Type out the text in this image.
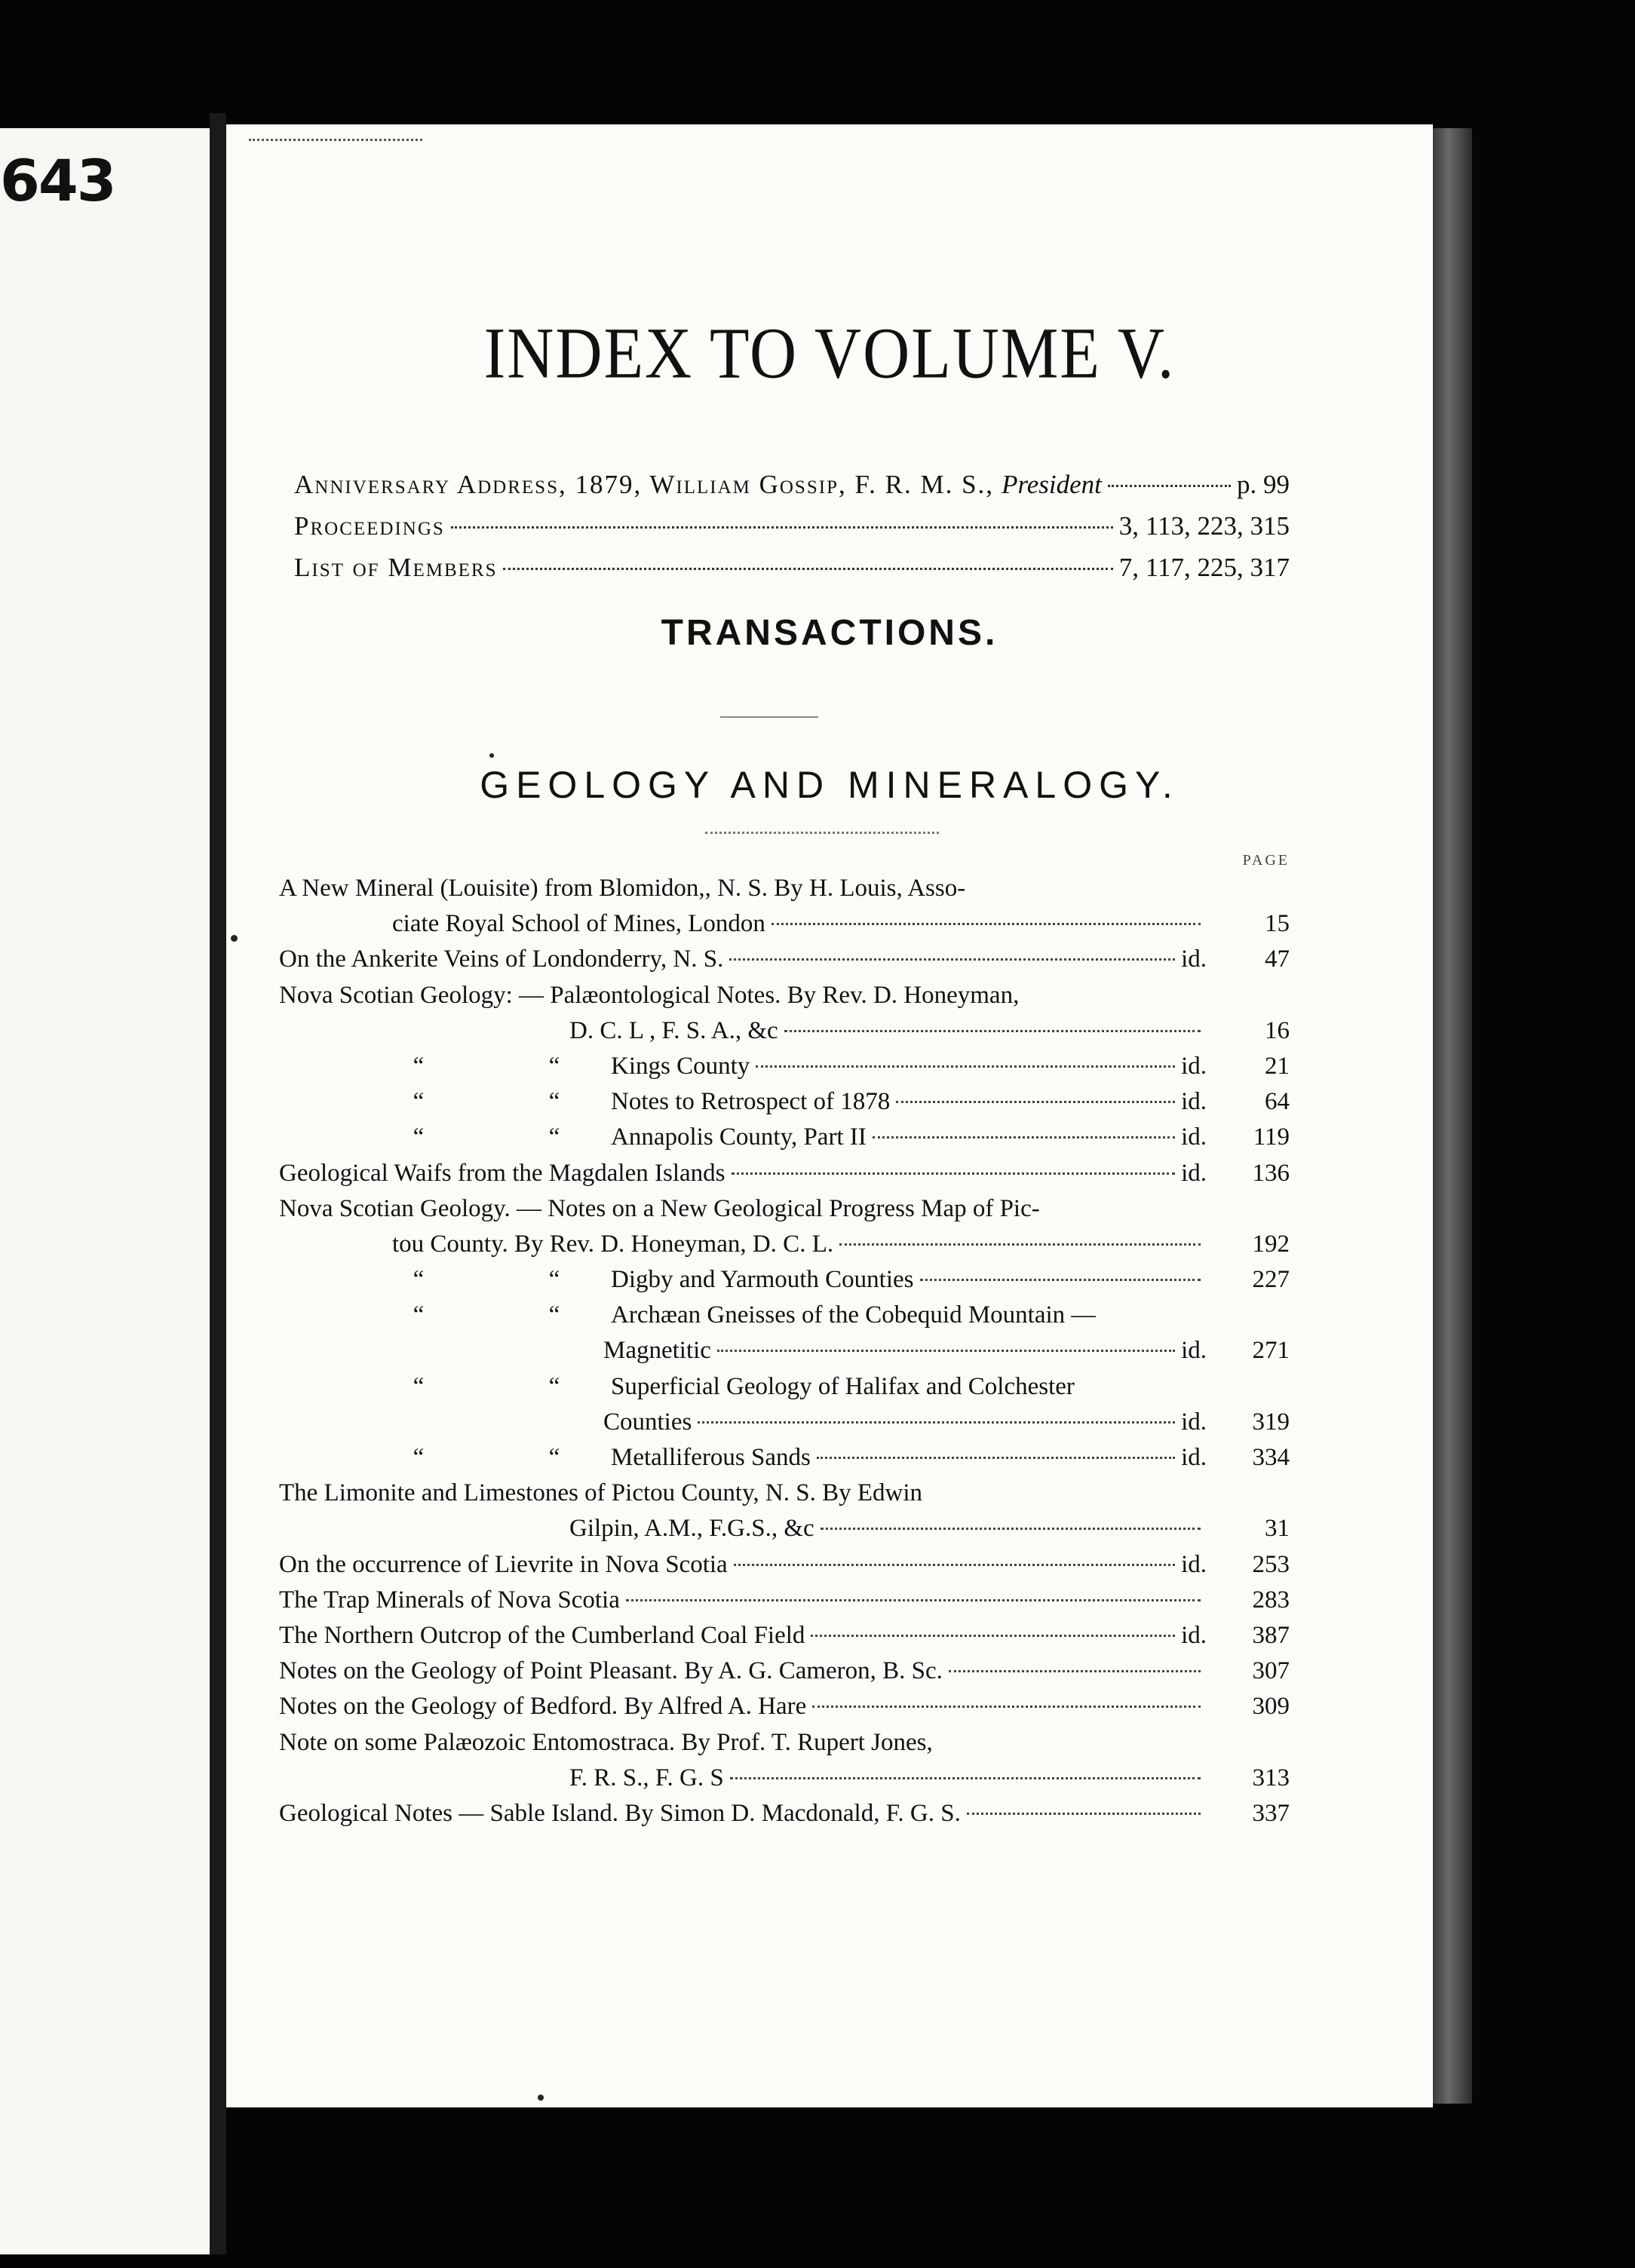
643
INDEX TO VOLUME V.
Anniversary Address, 1879, William Gossip, F. R. M. S., President	p. 99
Proceedings	3, 113, 223, 315
List of Members	7, 117, 225, 317
TRANSACTIONS.
GEOLOGY AND MINERALOGY.
PAGE
A New Mineral (Louisite) from Blomidon,, N. S. By H. Louis, Asso-
ciate Royal School of Mines, London	15
On the Ankerite Veins of Londonderry, N. S.	id.	47
Nova Scotian Geology: — Palæontological Notes. By Rev. D. Honeyman,
D. C. L , F. S. A., &c	16
“	“	Kings County	id.	21
“	“	Notes to Retrospect of 1878	id.	64
“	“	Annapolis County, Part II	id.	119
Geological Waifs from the Magdalen Islands	id.	136
Nova Scotian Geology. — Notes on a New Geological Progress Map of Pic-
tou County. By Rev. D. Honeyman, D. C. L.	192
“	“	Digby and Yarmouth Counties	227
“	“	Archæan Gneisses of the Cobequid Mountain —
Magnetitic	id.	271
“	“	Superficial Geology of Halifax and Colchester
Counties	id.	319
“	“	Metalliferous Sands	id.	334
The Limonite and Limestones of Pictou County, N. S. By Edwin
Gilpin, A.M., F.G.S., &c	31
On the occurrence of Lievrite in Nova Scotia	id.	253
The Trap Minerals of Nova Scotia	283
The Northern Outcrop of the Cumberland Coal Field	id.	387
Notes on the Geology of Point Pleasant. By A. G. Cameron, B. Sc.	307
Notes on the Geology of Bedford. By Alfred A. Hare	309
Note on some Palæozoic Entomostraca. By Prof. T. Rupert Jones,
F. R. S., F. G. S	313
Geological Notes — Sable Island. By Simon D. Macdonald, F. G. S.	337
